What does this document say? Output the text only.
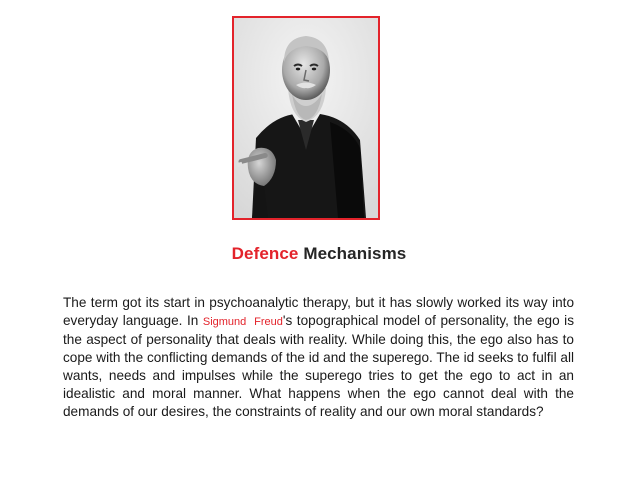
Defence Mechanisms

The term got its start in psychoanalytic therapy, but it has slowly worked its way into everyday language. In Sigmund Freud's topographical model of personality, the ego is the aspect of personality that deals with reality. While doing this, the ego also has to cope with the conflicting demands of the id and the superego. The id seeks to fulfil all wants, needs and impulses while the superego tries to get the ego to act in an idealistic and moral manner. What happens when the ego cannot deal with the demands of our desires, the constraints of reality and our own moral standards?
